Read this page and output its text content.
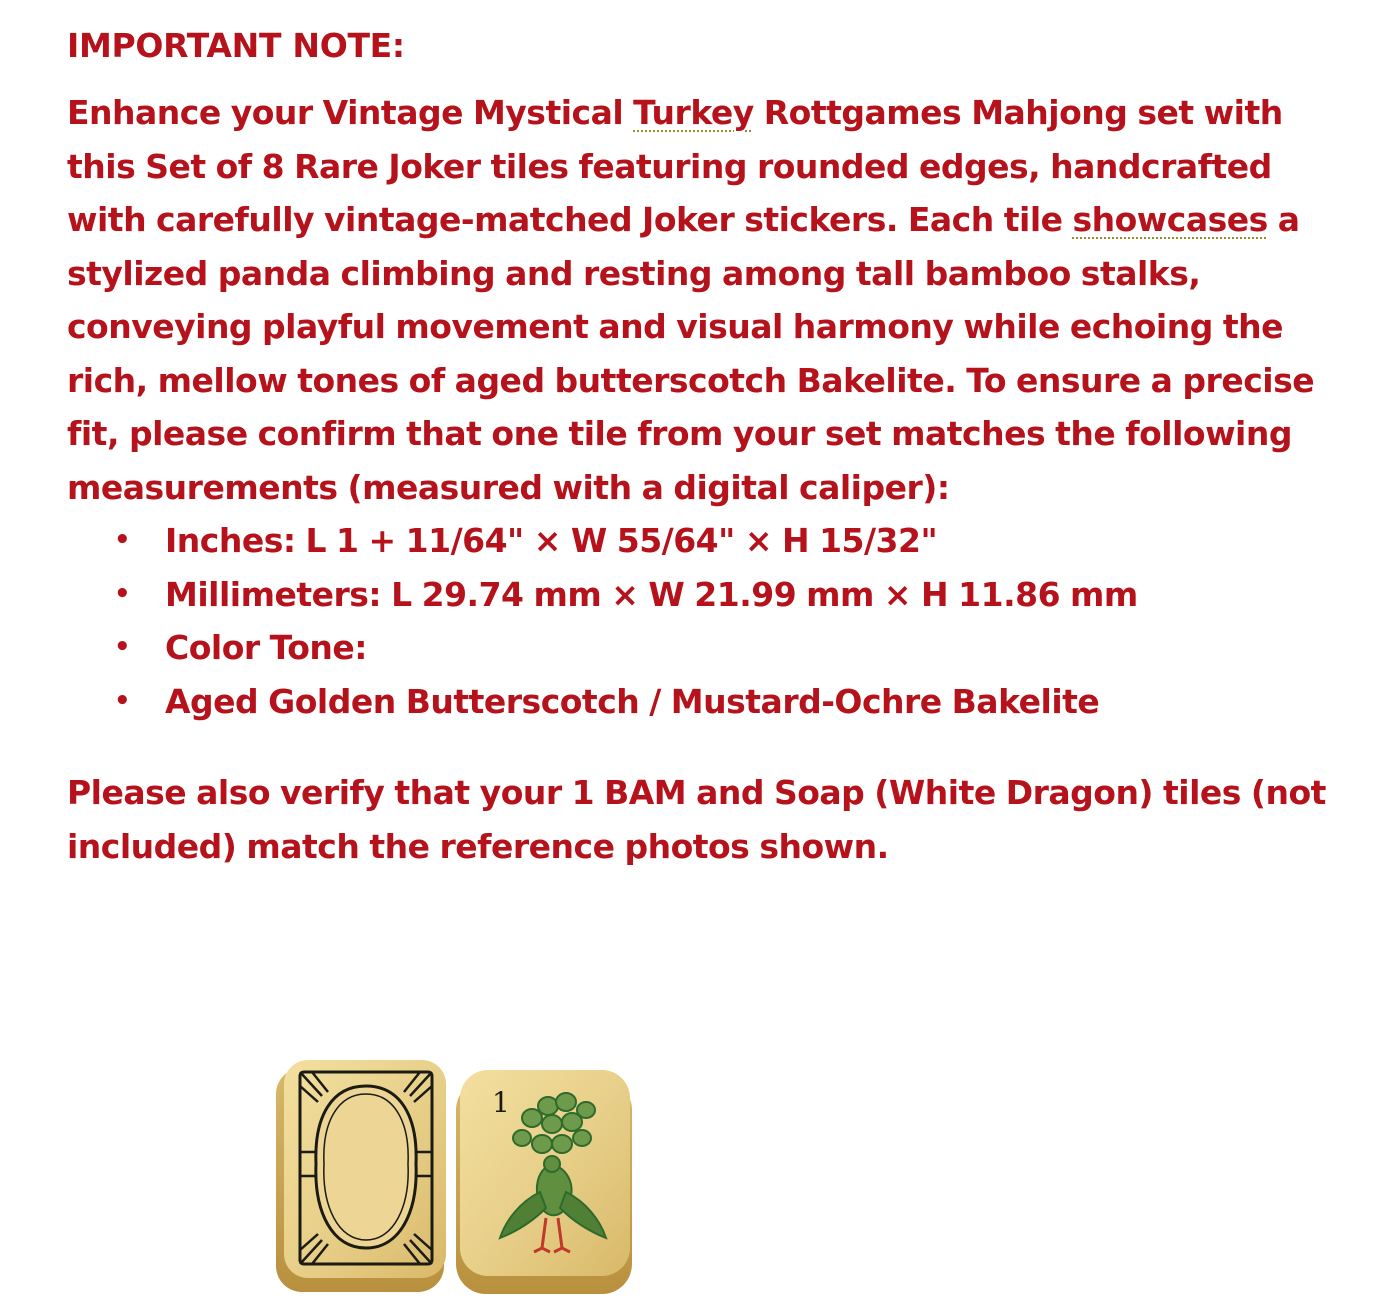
IMPORTANT NOTE:

Enhance your Vintage Mystical Turkey Rottgames Mahjong set with this Set of 8 Rare Joker tiles featuring rounded edges, handcrafted with carefully vintage-matched Joker stickers. Each tile showcases a stylized panda climbing and resting among tall bamboo stalks, conveying playful movement and visual harmony while echoing the rich, mellow tones of aged butterscotch Bakelite. To ensure a precise fit, please confirm that one tile from your set matches the following measurements (measured with a digital caliper):

• Inches: L 1 + 11/64" × W 55/64" × H 15/32"
• Millimeters: L 29.74 mm × W 21.99 mm × H 11.86 mm
• Color Tone:
• Aged Golden Butterscotch / Mustard-Ochre Bakelite

Please also verify that your 1 BAM and Soap (White Dragon) tiles (not included) match the reference photos shown.

1
